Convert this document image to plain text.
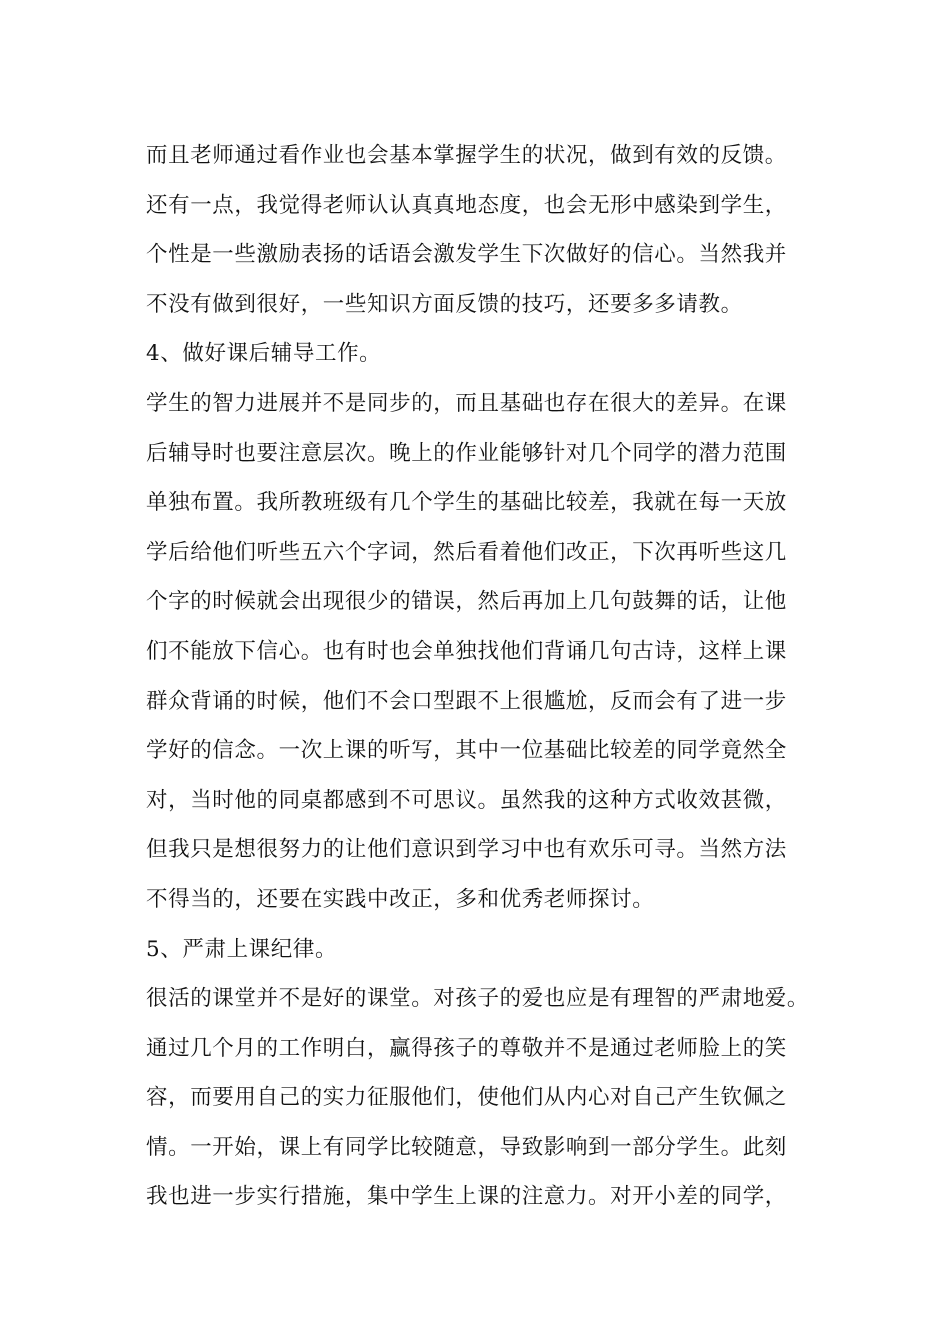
而且老师通过看作业也会基本掌握学生的状况，做到有效的反馈。
还有一点，我觉得老师认认真真地态度，也会无形中感染到学生，
个性是一些激励表扬的话语会激发学生下次做好的信心。当然我并
不没有做到很好，一些知识方面反馈的技巧，还要多多请教。
4、做好课后辅导工作。
学生的智力进展并不是同步的，而且基础也存在很大的差异。在课
后辅导时也要注意层次。晚上的作业能够针对几个同学的潜力范围
单独布置。我所教班级有几个学生的基础比较差，我就在每一天放
学后给他们听些五六个字词，然后看着他们改正，下次再听些这几
个字的时候就会出现很少的错误，然后再加上几句鼓舞的话，让他
们不能放下信心。也有时也会单独找他们背诵几句古诗，这样上课
群众背诵的时候，他们不会口型跟不上很尴尬，反而会有了进一步
学好的信念。一次上课的听写，其中一位基础比较差的同学竟然全
对，当时他的同桌都感到不可思议。虽然我的这种方式收效甚微，
但我只是想很努力的让他们意识到学习中也有欢乐可寻。当然方法
不得当的，还要在实践中改正，多和优秀老师探讨。
5、严肃上课纪律。
很活的课堂并不是好的课堂。对孩子的爱也应是有理智的严肃地爱。
通过几个月的工作明白，赢得孩子的尊敬并不是通过老师脸上的笑
容，而要用自己的实力征服他们，使他们从内心对自己产生钦佩之
情。一开始，课上有同学比较随意，导致影响到一部分学生。此刻
我也进一步实行措施，集中学生上课的注意力。对开小差的同学，
